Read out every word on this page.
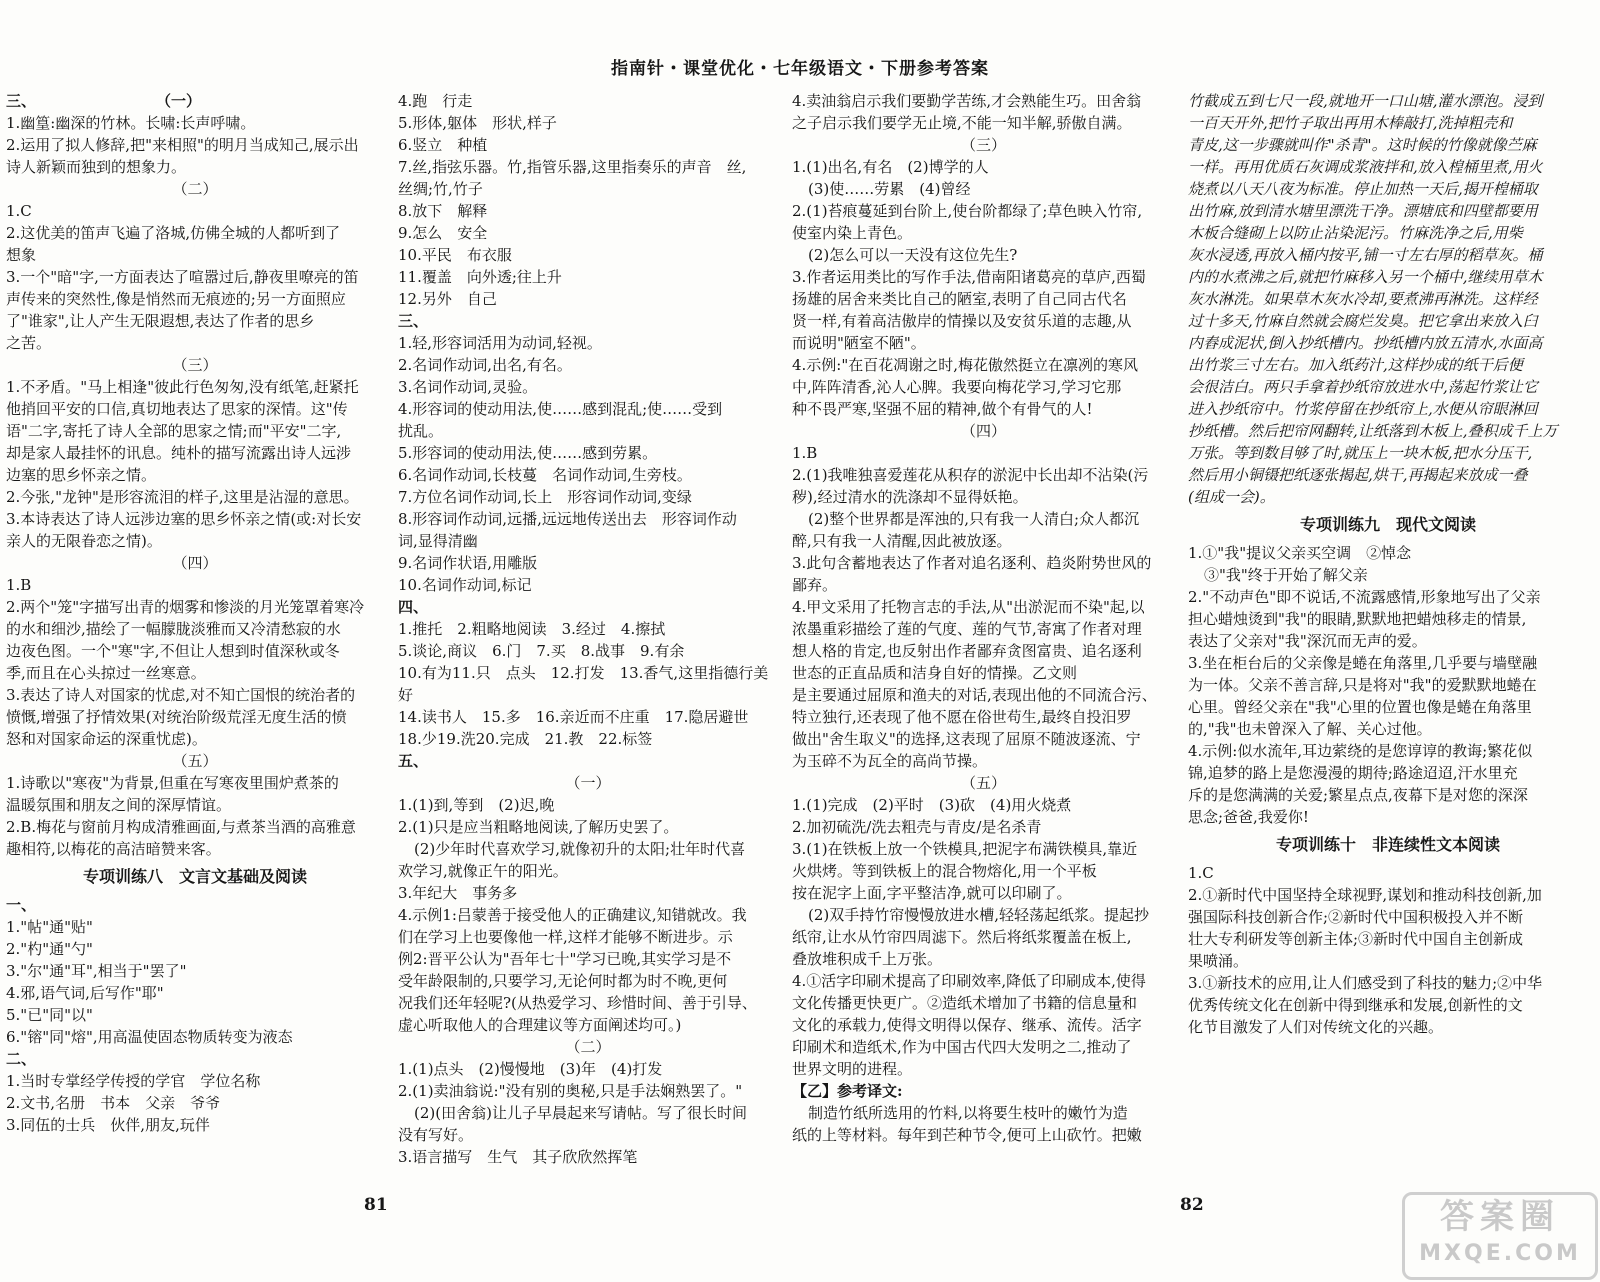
指南针・课堂优化・七年级语文・下册参考答案

三、　　　　　　　　　（一）

1.幽篁:幽深的竹林。长啸:长声呼啸。

2.运用了拟人修辞,把"来相照"的明月当成知己,展示出

诗人新颖而独到的想象力。

（二）

1.C

2.这优美的笛声飞遍了洛城,仿佛全城的人都听到了

想象

3.一个"暗"字,一方面表达了喧嚣过后,静夜里嘹亮的笛

声传来的突然性,像是悄然而无痕迹的;另一方面照应

了"谁家",让人产生无限遐想,表达了作者的思乡

之苦。

（三）

1.不矛盾。"马上相逢"彼此行色匆匆,没有纸笔,赶紧托

他捎回平安的口信,真切地表达了思家的深情。这"传

语"二字,寄托了诗人全部的思家之情;而"平安"二字,

却是家人最挂怀的讯息。纯朴的描写流露出诗人远涉

边塞的思乡怀亲之情。

2.今张,"龙钟"是形容流泪的样子,这里是沾湿的意思。

3.本诗表达了诗人远涉边塞的思乡怀亲之情(或:对长安

亲人的无限眷恋之情)。

（四）

1.B

2.两个"笼"字描写出青的烟雾和惨淡的月光笼罩着寒冷

的水和细沙,描绘了一幅朦胧淡雅而又冷清愁寂的水

边夜色图。一个"寒"字,不但让人想到时值深秋或冬

季,而且在心头掠过一丝寒意。

3.表达了诗人对国家的忧虑,对不知亡国恨的统治者的

愤慨,增强了抒情效果(对统治阶级荒淫无度生活的愤

怒和对国家命运的深重忧虑)。

（五）

1.诗歌以"寒夜"为背景,但重在写寒夜里围炉煮茶的

温暖氛围和朋友之间的深厚情谊。

2.B.梅花与窗前月构成清雅画面,与煮茶当酒的高雅意

趣相符,以梅花的高洁暗赞来客。

专项训练八　文言文基础及阅读

一、

1."帖"通"贴"

2."杓"通"勺"

3."尔"通"耳",相当于"罢了"

4.邪,语气词,后写作"耶"

5."已"同"以"

6."镕"同"熔",用高温使固态物质转变为液态

二、

1.当时专掌经学传授的学官　学位名称

2.文书,名册　书本　父亲　爷爷

3.同伍的士兵　伙伴,朋友,玩伴

4.跑　行走

5.形体,躯体　形状,样子

6.竖立　种植

7.丝,指弦乐器。竹,指管乐器,这里指奏乐的声音　丝,

丝绸;竹,竹子

8.放下　解释

9.怎么　安全

10.平民　布衣服

11.覆盖　向外透;往上升

12.另外　自己

三、

1.轻,形容词活用为动词,轻视。

2.名词作动词,出名,有名。

3.名词作动词,灵验。

4.形容词的使动用法,使……感到混乱;使……受到

扰乱。

5.形容词的使动用法,使……感到劳累。

6.名词作动词,长枝蔓　名词作动词,生旁枝。

7.方位名词作动词,长上　形容词作动词,变绿

8.形容词作动词,远播,远远地传送出去　形容词作动

词,显得清幽

9.名词作状语,用雕版

10.名词作动词,标记

四、

1.推托　2.粗略地阅读　3.经过　4.擦拭

5.谈论,商议　6.门　7.买　8.战事　9.有余

10.有为11.只　点头　12.打发　13.香气,这里指德行美好

14.读书人　15.多　16.亲近而不庄重　17.隐居避世

18.少19.洗20.完成　21.教　22.标签

五、

（一）

1.(1)到,等到　(2)迟,晚

2.(1)只是应当粗略地阅读,了解历史罢了。

(2)少年时代喜欢学习,就像初升的太阳;壮年时代喜

欢学习,就像正午的阳光。

3.年纪大　事务多

4.示例1:吕蒙善于接受他人的正确建议,知错就改。我

们在学习上也要像他一样,这样才能够不断进步。示

例2:晋平公认为"吾年七十"学习已晚,其实学习是不

受年龄限制的,只要学习,无论何时都为时不晚,更何

况我们还年轻呢?(从热爱学习、珍惜时间、善于引导、

虚心听取他人的合理建议等方面阐述均可。)

（二）

1.(1)点头　(2)慢慢地　(3)年　(4)打发

2.(1)卖油翁说:"没有别的奥秘,只是手法娴熟罢了。"

(2)(田舍翁)让儿子早晨起来写请帖。写了很长时间

没有写好。

3.语言描写　生气　其子欣欣然挥笔

4.卖油翁启示我们要勤学苦练,才会熟能生巧。田舍翁

之子启示我们要学无止境,不能一知半解,骄傲自满。

（三）

1.(1)出名,有名　(2)博学的人

(3)使……劳累　(4)曾经

2.(1)苔痕蔓延到台阶上,使台阶都绿了;草色映入竹帘,

使室内染上青色。

(2)怎么可以一天没有这位先生?

3.作者运用类比的写作手法,借南阳诸葛亮的草庐,西蜀

扬雄的居舍来类比自己的陋室,表明了自己同古代名

贤一样,有着高洁傲岸的情操以及安贫乐道的志趣,从

而说明"陋室不陋"。

4.示例:"在百花凋谢之时,梅花傲然挺立在凛冽的寒风

中,阵阵清香,沁人心脾。我要向梅花学习,学习它那

种不畏严寒,坚强不屈的精神,做个有骨气的人!

（四）

1.B

2.(1)我唯独喜爱莲花从积存的淤泥中长出却不沾染(污

秽),经过清水的洗涤却不显得妖艳。

(2)整个世界都是浑浊的,只有我一人清白;众人都沉

醉,只有我一人清醒,因此被放逐。

3.此句含蓄地表达了作者对追名逐利、趋炎附势世风的

鄙弃。

4.甲文采用了托物言志的手法,从"出淤泥而不染"起,以

浓墨重彩描绘了莲的气度、莲的气节,寄寓了作者对理

想人格的肯定,也反射出作者鄙弃贪图富贵、追名逐利

世态的正直品质和洁身自好的情操。乙文则

是主要通过屈原和渔夫的对话,表现出他的不同流合污、

特立独行,还表现了他不愿在俗世苟生,最终自投汨罗

做出"舍生取义"的选择,这表现了屈原不随波逐流、宁

为玉碎不为瓦全的高尚节操。

（五）

1.(1)完成　(2)平时　(3)砍　(4)用火烧煮

2.加初硫洗/洗去粗壳与青皮/是名杀青

3.(1)在铁板上放一个铁模具,把泥字布满铁模具,靠近

火烘烤。等到铁板上的混合物熔化,用一个平板

按在泥字上面,字平整洁净,就可以印刷了。

(2)双手持竹帘慢慢放进水槽,轻轻荡起纸浆。提起抄

纸帘,让水从竹帘四周滤下。然后将纸浆覆盖在板上,

叠放堆积成千上万张。

4.①活字印刷术提高了印刷效率,降低了印刷成本,使得

文化传播更快更广。②造纸术增加了书籍的信息量和

文化的承载力,使得文明得以保存、继承、流传。活字

印刷术和造纸术,作为中国古代四大发明之二,推动了

世界文明的进程。

【乙】参考译文:

制造竹纸所选用的竹料,以将要生枝叶的嫩竹为造

纸的上等材料。每年到芒种节令,便可上山砍竹。把嫩

竹截成五到七尺一段,就地开一口山塘,灌水漂泡。浸到

一百天开外,把竹子取出再用木棒敲打,洗掉粗壳和

青皮,这一步骤就叫作"杀青"。这时候的竹像就像苎麻

一样。再用优质石灰调成浆液拌和,放入楻桶里煮,用火

烧煮以八天八夜为标准。停止加热一天后,揭开楻桶取

出竹麻,放到清水塘里漂洗干净。漂塘底和四壁都要用

木板合缝砌上以防止沾染泥污。竹麻洗净之后,用柴

灰水浸透,再放入桶内按平,铺一寸左右厚的稻草灰。桶

内的水煮沸之后,就把竹麻移入另一个桶中,继续用草木

灰水淋洗。如果草木灰水冷却,要煮沸再淋洗。这样经

过十多天,竹麻自然就会腐烂发臭。把它拿出来放入臼

内舂成泥状,倒入抄纸槽内。抄纸槽内放五清水,水面高

出竹浆三寸左右。加入纸药汁,这样抄成的纸干后便

会很洁白。两只手拿着抄纸帘放进水中,荡起竹浆让它

进入抄纸帘中。竹浆停留在抄纸帘上,水便从帘眼淋回

抄纸槽。然后把帘网翻转,让纸落到木板上,叠积成千上万

万张。等到数目够了时,就压上一块木板,把水分压干,

然后用小铜镊把纸逐张揭起,烘干,再揭起来放成一叠

(组成一会)。

专项训练九　现代文阅读

1.①"我"提议父亲买空调　②悼念

③"我"终于开始了解父亲

2."不动声色"即不说话,不流露感情,形象地写出了父亲

担心蜡烛烫到"我"的眼睛,默默地把蜡烛移走的情景,

表达了父亲对"我"深沉而无声的爱。

3.坐在柜台后的父亲像是蜷在角落里,几乎要与墙壁融

为一体。父亲不善言辞,只是将对"我"的爱默默地蜷在

心里。曾经父亲在"我"心里的位置也像是蜷在角落里

的,"我"也未曾深入了解、关心过他。

4.示例:似水流年,耳边萦绕的是您谆谆的教诲;繁花似

锦,追梦的路上是您漫漫的期待;路途迢迢,汗水里充

斥的是您满满的关爱;繁星点点,夜幕下是对您的深深

思念;爸爸,我爱你!

专项训练十　非连续性文本阅读

1.C

2.①新时代中国坚持全球视野,谋划和推动科技创新,加

强国际科技创新合作;②新时代中国积极投入并不断

壮大专利研发等创新主体;③新时代中国自主创新成

果喷涌。

3.①新技术的应用,让人们感受到了科技的魅力;②中华

优秀传统文化在创新中得到继承和发展,创新性的文

化节目激发了人们对传统文化的兴趣。

81	82	答案圈
MXQE.COM
